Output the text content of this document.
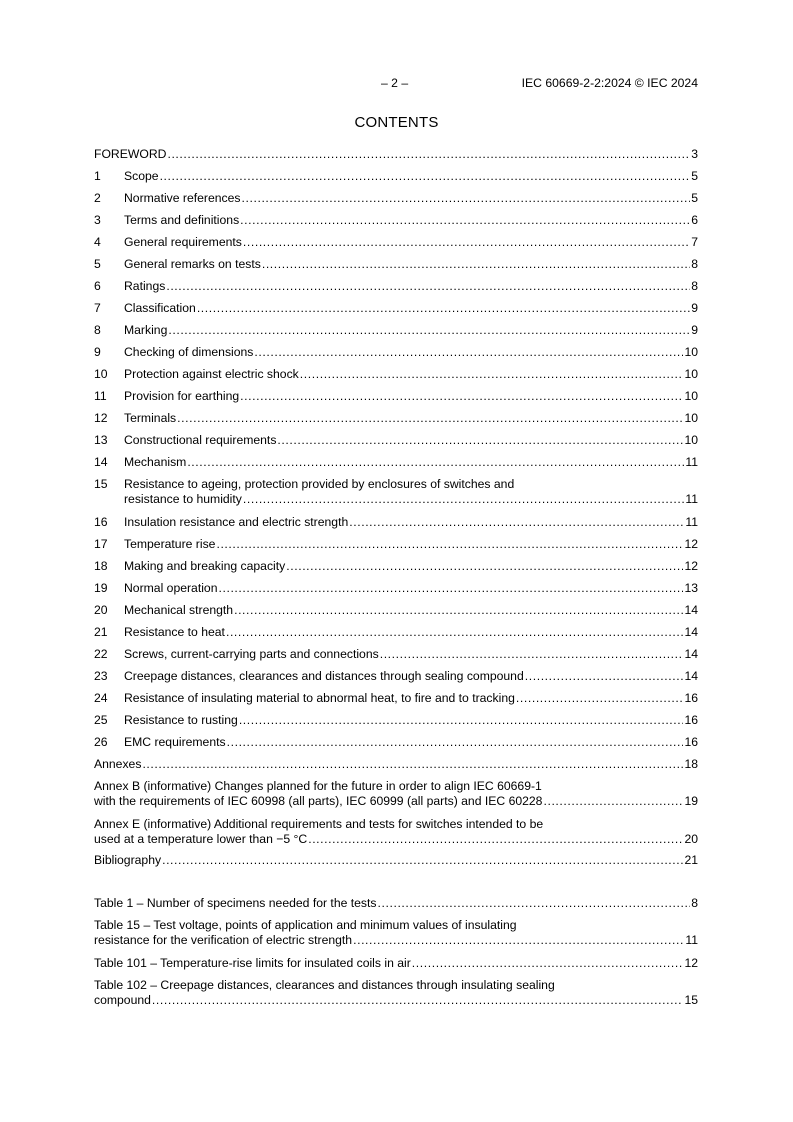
– 2 –	IEC 60669-2-2:2024 © IEC 2024
CONTENTS
FOREWORD .....	3
1	Scope .....	5
2	Normative references .....	5
3	Terms and definitions .....	6
4	General requirements .....	7
5	General remarks on tests .....	8
6	Ratings .....	8
7	Classification .....	9
8	Marking .....	9
9	Checking of dimensions .....	10
10	Protection against electric shock .....	10
11	Provision for earthing .....	10
12	Terminals .....	10
13	Constructional requirements .....	10
14	Mechanism .....	11
15	Resistance to ageing, protection provided by enclosures of switches and
resistance to humidity .....	11
16	Insulation resistance and electric strength .....	11
17	Temperature rise .....	12
18	Making and breaking capacity .....	12
19	Normal operation .....	13
20	Mechanical strength .....	14
21	Resistance to heat .....	14
22	Screws, current-carrying parts and connections .....	14
23	Creepage distances, clearances and distances through sealing compound .....	14
24	Resistance of insulating material to abnormal heat, to fire and to tracking .....	16
25	Resistance to rusting .....	16
26	EMC requirements .....	16
Annexes .....	18
Annex B (informative) Changes planned for the future in order to align IEC 60669-1
with the requirements of IEC 60998 (all parts), IEC 60999 (all parts) and IEC 60228 .....	19
Annex E (informative) Additional requirements and tests for switches intended to be
used at a temperature lower than −5 °C .....	20
Bibliography .....	21
Table 1 – Number of specimens needed for the tests .....	8
Table 15 – Test voltage, points of application and minimum values of insulating
resistance for the verification of electric strength .....	11
Table 101 – Temperature-rise limits for insulated coils in air .....	12
Table 102 – Creepage distances, clearances and distances through insulating sealing
compound .....	15
